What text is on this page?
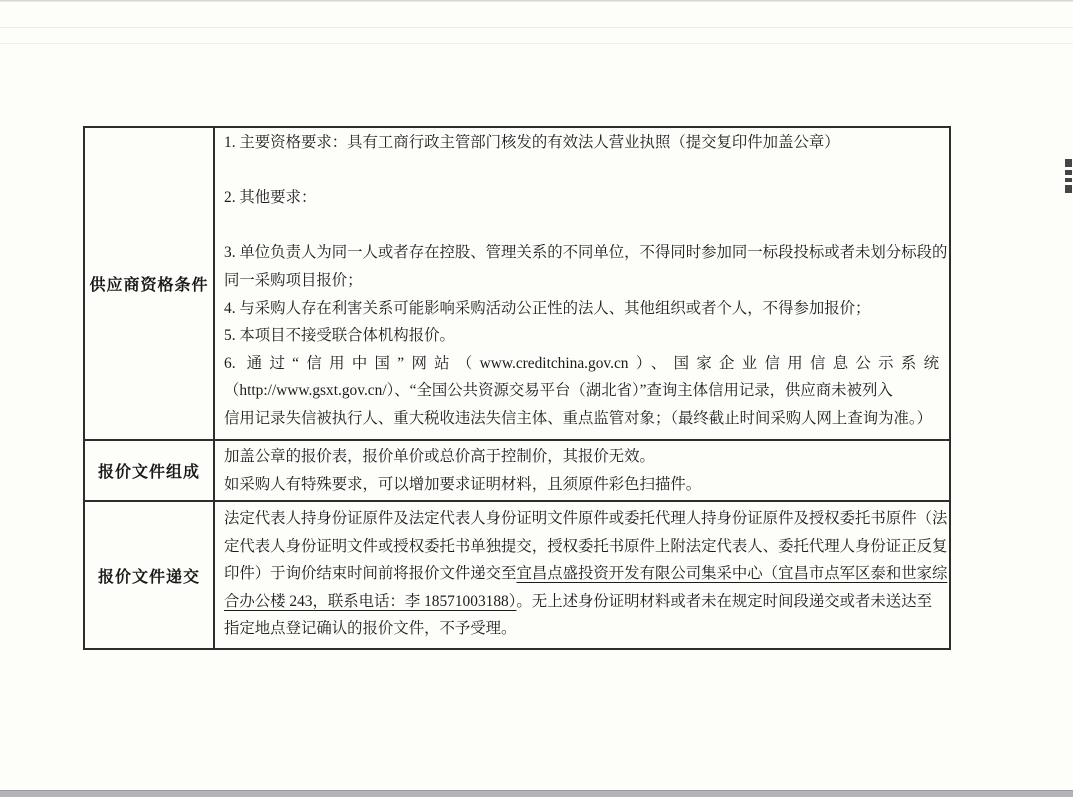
供应商资格条件
1. 主要资格要求：具有工商行政主管部门核发的有效法人营业执照（提交复印件加盖公章）
2. 其他要求：
3. 单位负责人为同一人或者存在控股、管理关系的不同单位，不得同时参加同一标段投标或者未划分标段的
同一采购项目报价；
4. 与采购人存在利害关系可能影响采购活动公正性的法人、其他组织或者个人，不得参加报价；
5. 本项目不接受联合体机构报价。
6. 通过“信用中国”网站（www.creditchina.gov.cn）、国家企业信用信息公示系统
（http://www.gsxt.gov.cn/）、“全国公共资源交易平台（湖北省）”查询主体信用记录，供应商未被列入
信用记录失信被执行人、重大税收违法失信主体、重点监管对象；（最终截止时间采购人网上查询为准。）
报价文件组成
加盖公章的报价表，报价单价或总价高于控制价，其报价无效。
如采购人有特殊要求，可以增加要求证明材料，且须原件彩色扫描件。
报价文件递交
法定代表人持身份证原件及法定代表人身份证明文件原件或委托代理人持身份证原件及授权委托书原件（法
定代表人身份证明文件或授权委托书单独提交，授权委托书原件上附法定代表人、委托代理人身份证正反复
印件）于询价结束时间前将报价文件递交至宜昌点盛投资开发有限公司集采中心（宜昌市点军区泰和世家综
合办公楼 243，联系电话：李 18571003188）。无上述身份证明材料或者未在规定时间段递交或者未送达至
指定地点登记确认的报价文件，不予受理。
